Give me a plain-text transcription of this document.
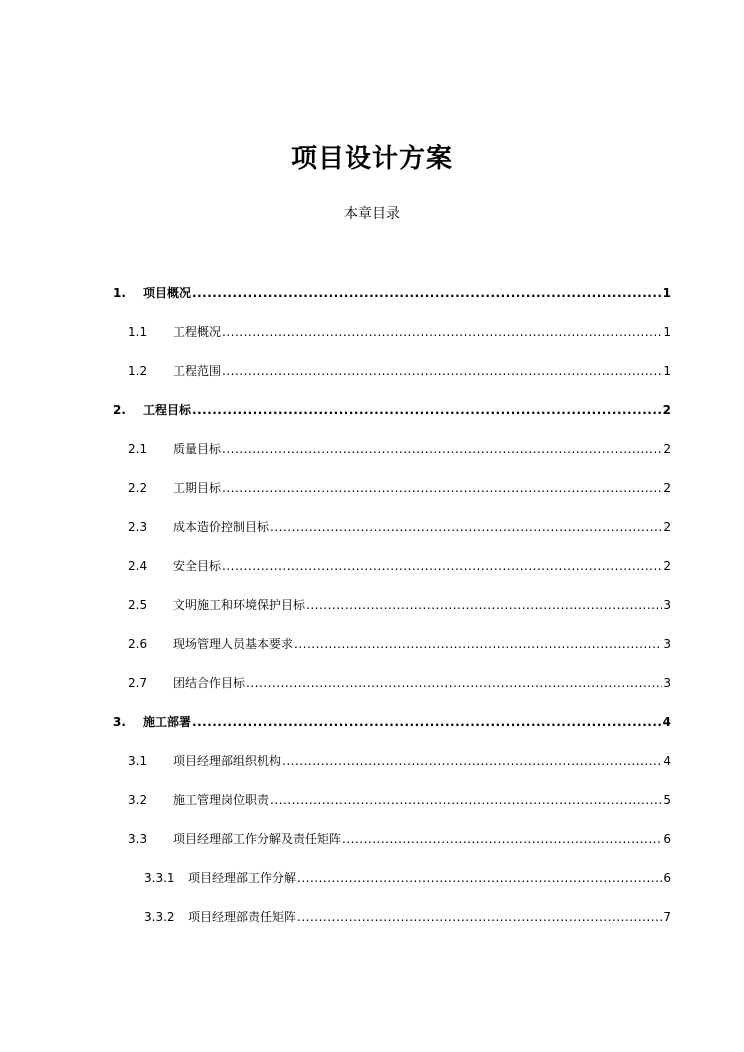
项目设计方案
本章目录
1.	项目概况 .....	1
1.1	工程概况 .....	1
1.2	工程范围 .....	1
2.	工程目标 .....	2
2.1	质量目标 .....	2
2.2	工期目标 .....	2
2.3	成本造价控制目标 .....	2
2.4	安全目标 .....	2
2.5	文明施工和环境保护目标 .....	3
2.6	现场管理人员基本要求 .....	3
2.7	团结合作目标 .....	3
3.	施工部署 .....	4
3.1	项目经理部组织机构 .....	4
3.2	施工管理岗位职责 .....	5
3.3	项目经理部工作分解及责任矩阵 .....	6
3.3.1	项目经理部工作分解 .....	6
3.3.2	项目经理部责任矩阵 .....	7
